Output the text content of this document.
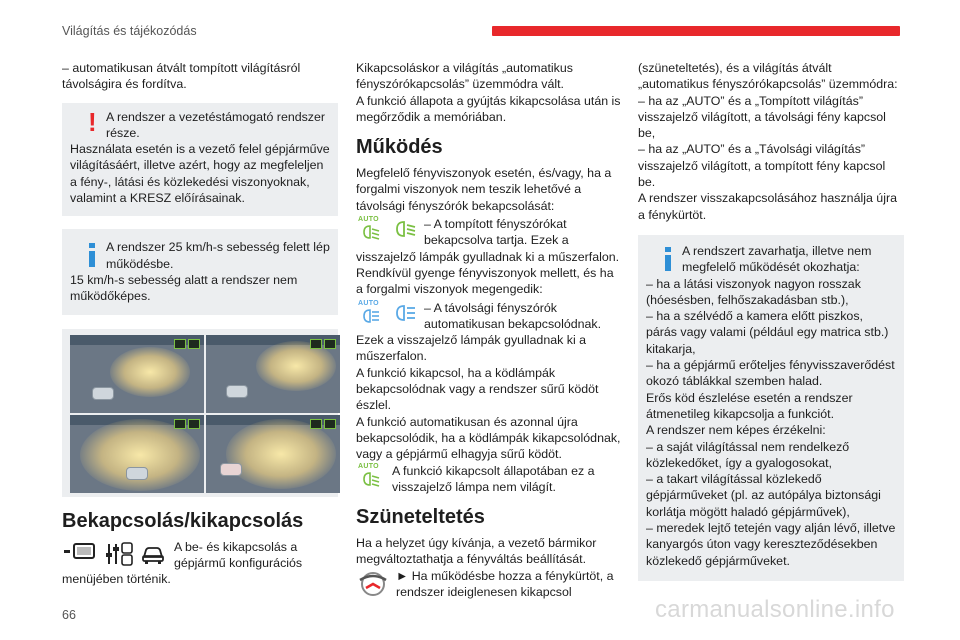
Világítás és tájékozódás

– automatikusan átvált tompított világításról távolságira és fordítva.

! A rendszer a vezetéstámogató rendszer része.

Használata esetén is a vezető felel gépjárműve világításáért, illetve azért, hogy az megfeleljen a fény-, látási és közlekedési viszonyoknak, valamint a KRESZ előírásainak.

A rendszer 25 km/h-s sebesség felett lép működésbe.

15 km/h-s sebesség alatt a rendszer nem működőképes.

Bekapcsolás/kikapcsolás

A be- és kikapcsolás a gépjármű konfigurációs menüjében történik.

Kikapcsoláskor a világítás „automatikus fényszórókapcsolás” üzemmódra vált.

A funkció állapota a gyújtás kikapcsolása után is megőrződik a memóriában.

Működés

Megfelelő fényviszonyok esetén, és/vagy, ha a forgalmi viszonyok nem teszik lehetővé a távolsági fényszórók bekapcsolását:

AUTO	– A tompított fényszórókat bekapcsolva tartja. Ezek a visszajelző lámpák gyulladnak ki a műszerfalon.

Rendkívül gyenge fényviszonyok mellett, és ha a forgalmi viszonyok megengedik:

AUTO	– A távolsági fényszórók automatikusan bekapcsolódnak. Ezek a visszajelző lámpák gyulladnak ki a műszerfalon.

A funkció kikapcsol, ha a ködlámpák bekapcsolódnak vagy a rendszer sűrű ködöt észlel.

A funkció automatikusan és azonnal újra bekapcsolódik, ha a ködlámpák kikapcsolódnak, vagy a gépjármű elhagyja sűrű ködöt.

AUTO	A funkció kikapcsolt állapotában ez a visszajelző lámpa nem világít.

Szüneteltetés

Ha a helyzet úgy kívánja, a vezető bármikor megváltoztathatja a fényváltás beállítását.

► Ha működésbe hozza a fénykürtöt, a rendszer ideiglenesen kikapcsol

(szüneteltetés), és a világítás átvált „automatikus fényszórókapcsolás” üzemmódra:

– ha az „AUTO” és a „Tompított világítás” visszajelző világított, a távolsági fény kapcsol be,

– ha az „AUTO” és a „Távolsági világítás” visszajelző világított, a tompított fény kapcsol be.

A rendszer visszakapcsolásához használja újra a fénykürtöt.

A rendszert zavarhatja, illetve nem megfelelő működését okozhatja:

– ha a látási viszonyok nagyon rosszak (hóesésben, felhőszakadásban stb.),

– ha a szélvédő a kamera előtt piszkos, párás vagy valami (például egy matrica stb.) kitakarja,

– ha a gépjármű erőteljes fényvisszaverődést okozó táblákkal szemben halad.

Erős köd észlelése esetén a rendszer átmenetileg kikapcsolja a funkciót.

A rendszer nem képes érzékelni:

– a saját világítással nem rendelkező közlekedőket, így a gyalogosokat,

– a takart világítással közlekedő gépjárműveket (pl. az autópálya biztonsági korlátja mögött haladó gépjárművek),

– meredek lejtő tetején vagy alján lévő, illetve kanyargós úton vagy kereszteződésekben közlekedő gépjárműveket.

66	carmanualsonline.info
